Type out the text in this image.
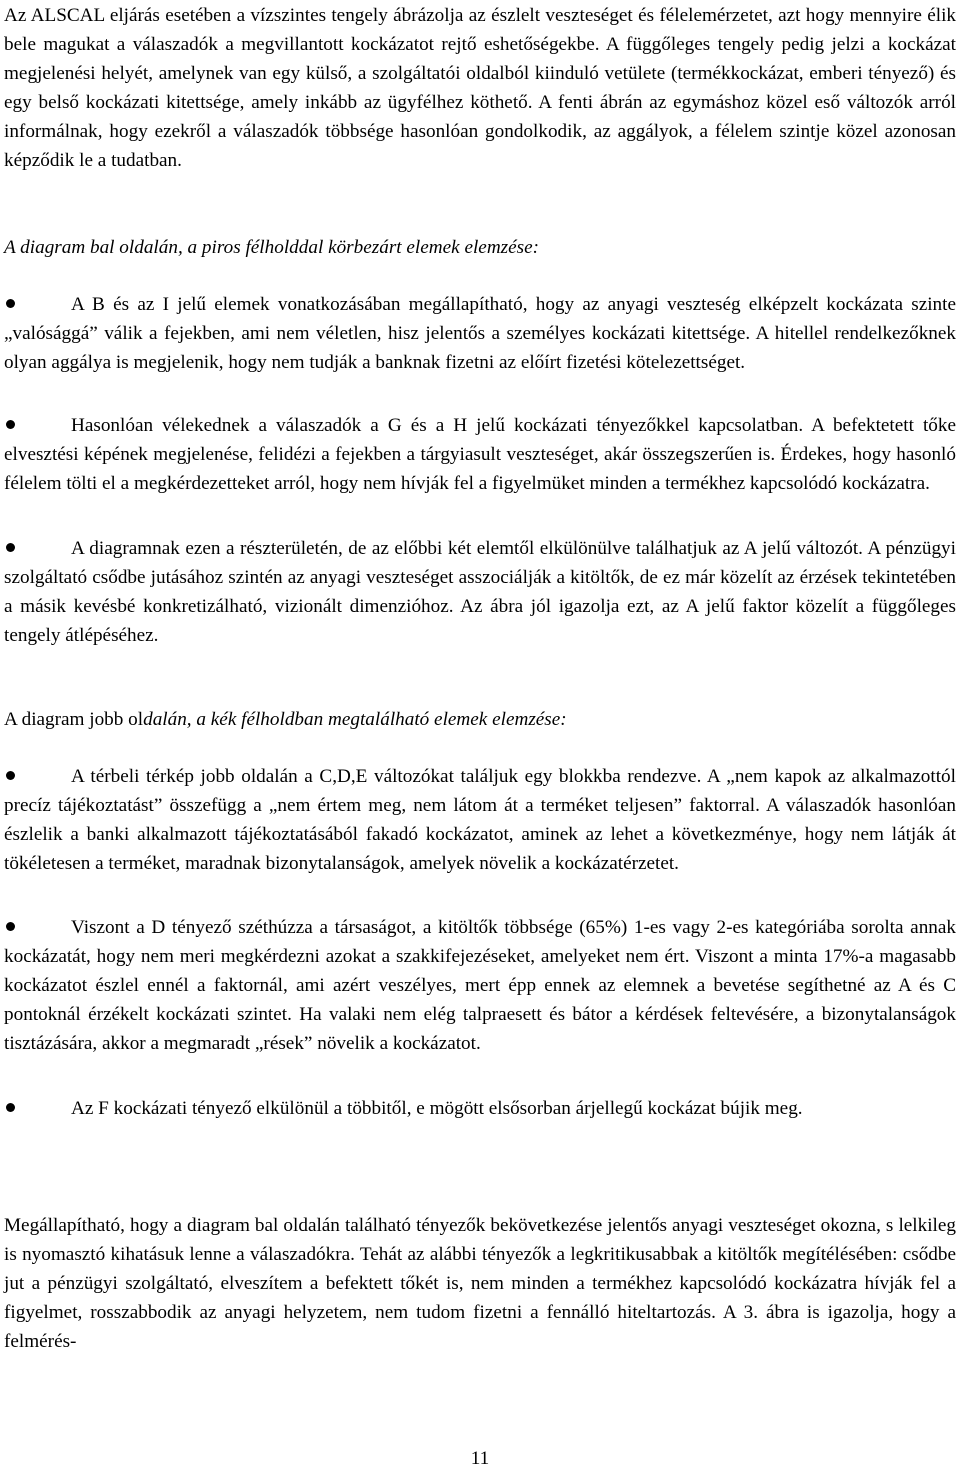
Az ALSCAL eljárás esetében a vízszintes tengely ábrázolja az észlelt veszteséget és félelemérzetet, azt hogy mennyire élik bele magukat a válaszadók a megvillantott kockázatot rejtő eshetőségekbe. A függőleges tengely pedig jelzi a kockázat megjelenési helyét, amelynek van egy külső, a szolgáltatói oldalból kiinduló vetülete (termékkockázat, emberi tényező) és egy belső kockázati kitettsége, amely inkább az ügyfélhez köthető. A fenti ábrán az egymáshoz közel eső változók arról informálnak, hogy ezekről a válaszadók többsége hasonlóan gondolkodik, az aggályok, a félelem szintje közel azonosan képződik le a tudatban.

A diagram bal oldalán, a piros félholddal körbezárt elemek elemzése:

A B és az I jelű elemek vonatkozásában megállapítható, hogy az anyagi veszteség elképzelt kockázata szinte „valósággá” válik a fejekben, ami nem véletlen, hisz jelentős a személyes kockázati kitettsége. A hitellel rendelkezőknek olyan aggálya is megjelenik, hogy nem tudják a banknak fizetni az előírt fizetési kötelezettséget.

Hasonlóan vélekednek a válaszadók a G és a H jelű kockázati tényezőkkel kapcsolatban. A befektetett tőke elvesztési képének megjelenése, felidézi a fejekben a tárgyiasult veszteséget, akár összegszerűen is. Érdekes, hogy hasonló félelem tölti el a megkérdezetteket arról, hogy nem hívják fel a figyelmüket minden a termékhez kapcsolódó kockázatra.

A diagramnak ezen a részterületén, de az előbbi két elemtől elkülönülve találhatjuk az A jelű változót. A pénzügyi szolgáltató csődbe jutásához szintén az anyagi veszteséget asszociálják a kitöltők, de ez már közelít az érzések tekintetében a másik kevésbé konkretizálható, vizionált dimenzióhoz. Az ábra jól igazolja ezt, az A jelű faktor közelít a függőleges tengely átlépéséhez.

A diagram jobb oldalán, a kék félholdban megtalálható elemek elemzése:

A térbeli térkép jobb oldalán a C,D,E változókat találjuk egy blokkba rendezve. A „nem kapok az alkalmazottól precíz tájékoztatást” összefügg a „nem értem meg, nem látom át a terméket teljesen” faktorral. A válaszadók hasonlóan észlelik a banki alkalmazott tájékoztatásából fakadó kockázatot, aminek az lehet a következménye, hogy nem látják át tökéletesen a terméket, maradnak bizonytalanságok, amelyek növelik a kockázatérzetet.

Viszont a D tényező széthúzza a társaságot, a kitöltők többsége (65%) 1-es vagy 2-es kategóriába sorolta annak kockázatát, hogy nem meri megkérdezni azokat a szakkifejezéseket, amelyeket nem ért. Viszont a minta 17%-a magasabb kockázatot észlel ennél a faktornál, ami azért veszélyes, mert épp ennek az elemnek a bevetése segíthetné az A és C pontoknál érzékelt kockázati szintet. Ha valaki nem elég talpraesett és bátor a kérdések feltevésére, a bizonytalanságok tisztázására, akkor a megmaradt „rések” növelik a kockázatot.

Az F kockázati tényező elkülönül a többitől, e mögött elsősorban árjellegű kockázat bújik meg.

Megállapítható, hogy a diagram bal oldalán található tényezők bekövetkezése jelentős anyagi veszteséget okozna, s lelkileg is nyomasztó kihatásuk lenne a válaszadókra. Tehát az alábbi tényezők a legkritikusabbak a kitöltők megítélésében: csődbe jut a pénzügyi szolgáltató, elveszítem a befektett tőkét is, nem minden a termékhez kapcsolódó kockázatra hívják fel a figyelmet, rosszabbodik az anyagi helyzetem, nem tudom fizetni a fennálló hiteltartozás. A 3. ábra is igazolja, hogy a felmérés-

11
